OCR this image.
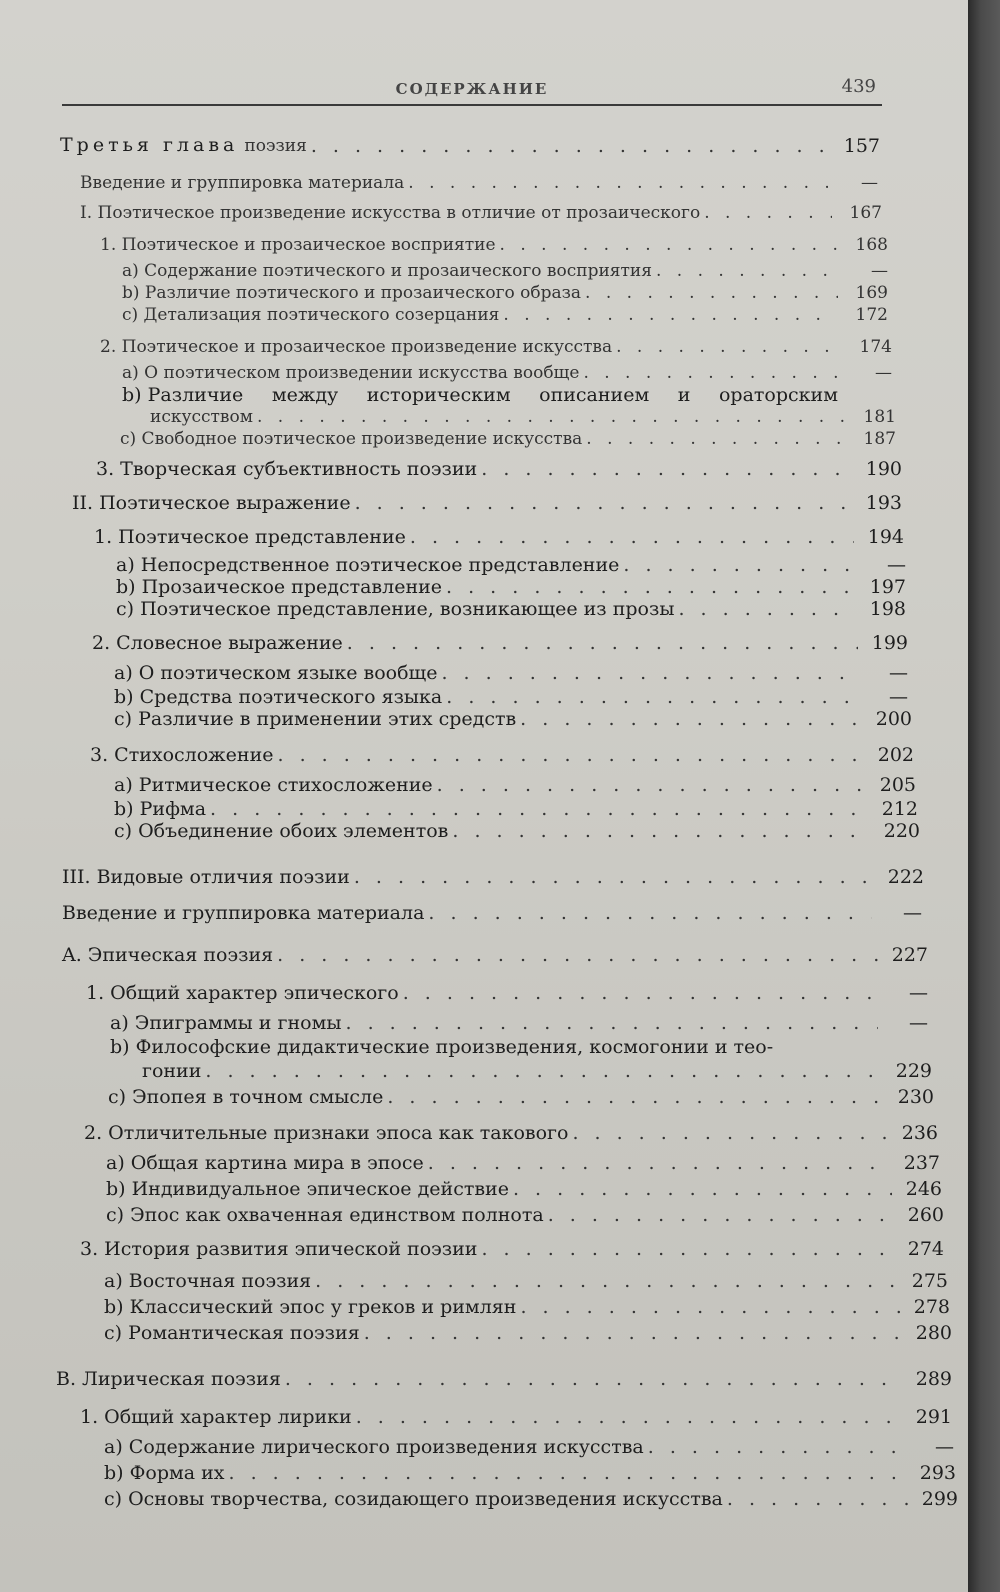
СОДЕРЖАНИЕ	439
Третья глава поэзия . . .	157
Введение и группировка материала . . .	—
I. Поэтическое произведение искусства в отличие от прозаического . . .	167
1. Поэтическое и прозаическое восприятие . . .	168
a) Содержание поэтического и прозаического восприятия . . .	—
b) Различие поэтического и прозаического образа . . .	169
c) Детализация поэтического созерцания . . .	172
2. Поэтическое и прозаическое произведение искусства . . .	174
a) О поэтическом произведении искусства вообще . . .	—
b) Различие между историческим описанием и ораторским
искусством . . .	181
c) Свободное поэтическое произведение искусства . . .	187
3. Творческая субъективность поэзии . . .	190
II. Поэтическое выражение . . .	193
1. Поэтическое представление . . .	194
a) Непосредственное поэтическое представление . . .	—
b) Прозаическое представление . . .	197
c) Поэтическое представление, возникающее из прозы . . .	198
2. Словесное выражение . . .	199
a) О поэтическом языке вообще . . .	—
b) Средства поэтического языка . . .	—
c) Различие в применении этих средств . . .	200
3. Стихосложение . . .	202
a) Ритмическое стихосложение . . .	205
b) Рифма . . .	212
c) Объединение обоих элементов . . .	220
III. Видовые отличия поэзии . . .	222
Введение и группировка материала . . .	—
A. Эпическая поэзия . . .	227
1. Общий характер эпического . . .	—
a) Эпиграммы и гномы . . .	—
b) Философские дидактические произведения, космогонии и тео-
гонии . . .	229
c) Эпопея в точном смысле . . .	230
2. Отличительные признаки эпоса как такового . . .	236
a) Общая картина мира в эпосе . . .	237
b) Индивидуальное эпическое действие . . .	246
c) Эпос как охваченная единством полнота . . .	260
3. История развития эпической поэзии . . .	274
a) Восточная поэзия . . .	275
b) Классический эпос у греков и римлян . . .	278
c) Романтическая поэзия . . .	280
B. Лирическая поэзия . . .	289
1. Общий характер лирики . . .	291
a) Содержание лирического произведения искусства . . .	—
b) Форма их . . .	293
c) Основы творчества, созидающего произведения искусства . . .	299
